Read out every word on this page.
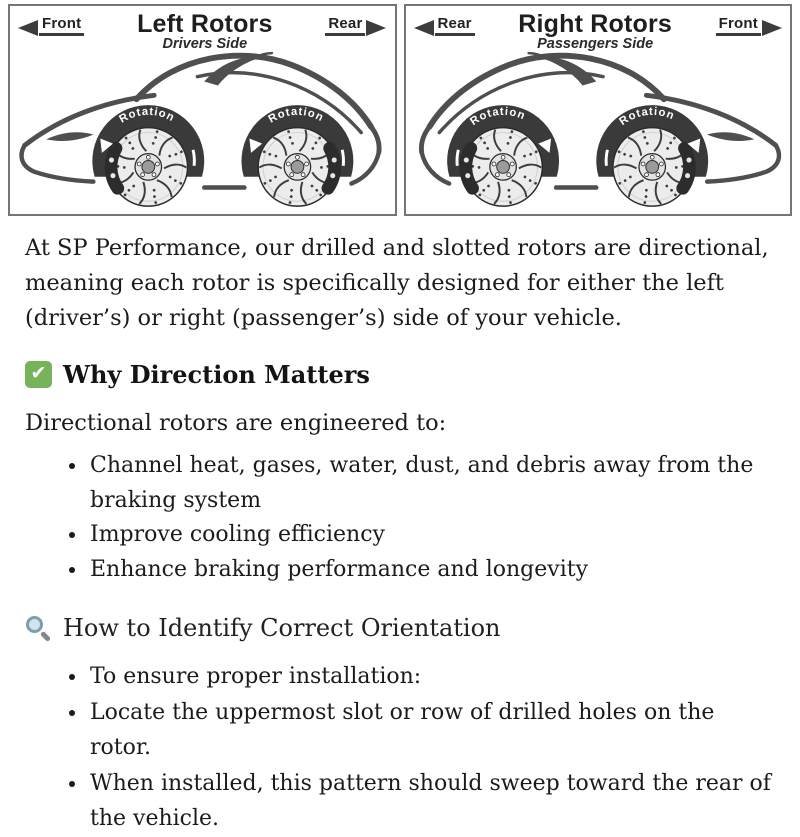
Front Left Rotors
Drivers Side
Rear
Rotation	Rotation
Rear Right Rotors
Passengers Side
Front
Rotation	Rotation

At SP Performance, our drilled and slotted rotors are directional, meaning each rotor is specifically designed for either the left (driver’s) or right (passenger’s) side of your vehicle.

✔ Why Direction Matters

Directional rotors are engineered to:

• Channel heat, gases, water, dust, and debris away from the braking system
• Improve cooling efficiency
• Enhance braking performance and longevity
How to Identify Correct Orientation
• To ensure proper installation:
• Locate the uppermost slot or row of drilled holes on the rotor.
• When installed, this pattern should sweep toward the rear of the vehicle.
